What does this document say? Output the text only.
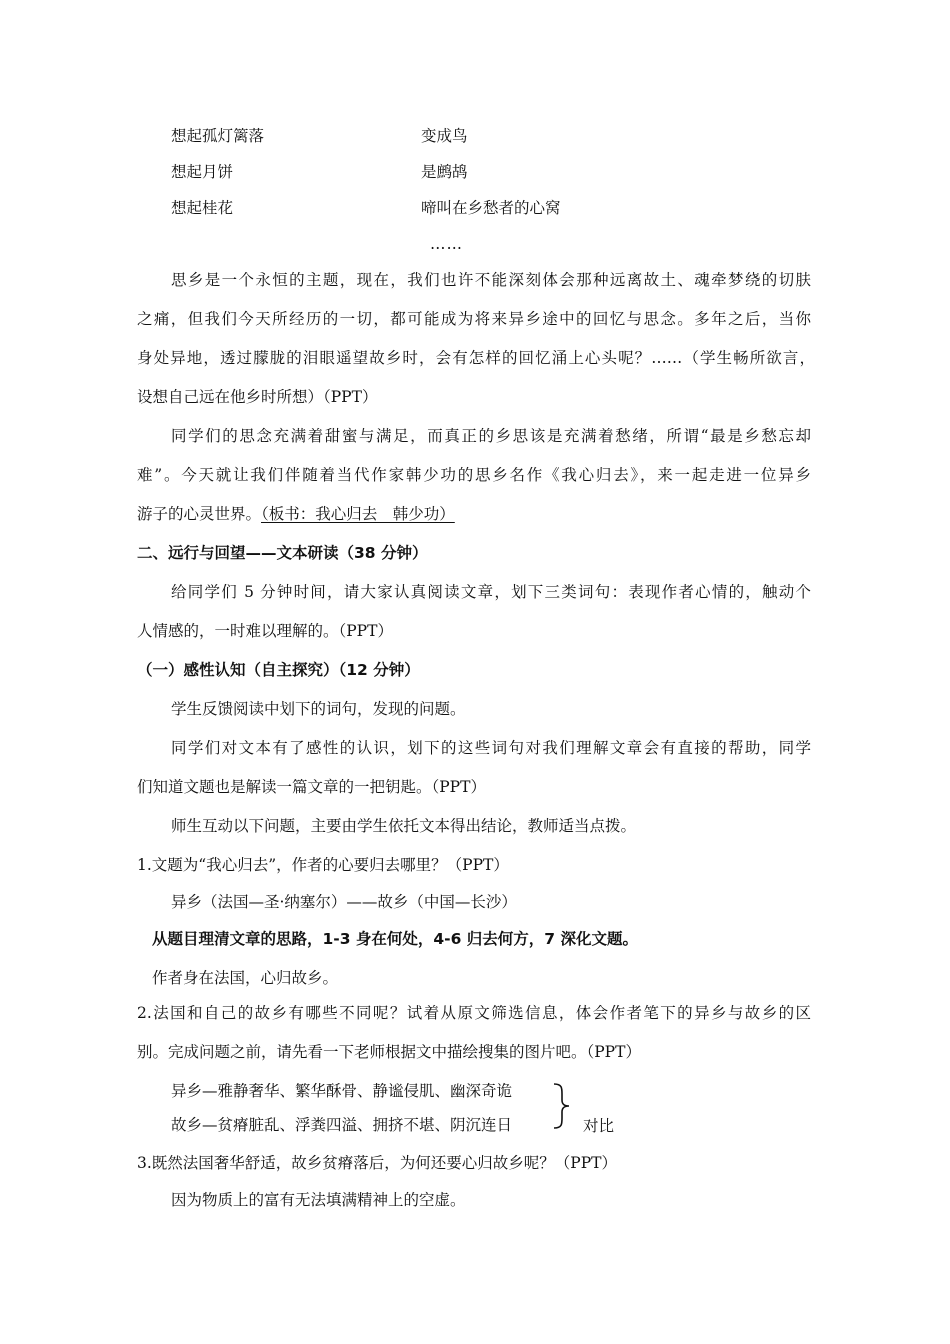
想起孤灯篱落	变成鸟
想起月饼	是鹧鸪
想起桂花	啼叫在乡愁者的心窝
……
思乡是一个永恒的主题，现在，我们也许不能深刻体会那种远离故土、魂牵梦绕的切肤
之痛，但我们今天所经历的一切，都可能成为将来异乡途中的回忆与思念。多年之后，当你
身处异地，透过朦胧的泪眼遥望故乡时，会有怎样的回忆涌上心头呢？……（学生畅所欲言，
设想自己远在他乡时所想）（PPT）
同学们的思念充满着甜蜜与满足，而真正的乡思该是充满着愁绪，所谓“最是乡愁忘却
难”。今天就让我们伴随着当代作家韩少功的思乡名作《我心归去》，来一起走进一位异乡
游子的心灵世界。（板书：我心归去　韩少功）
二、远行与回望——文本研读（38 分钟）
给同学们 5 分钟时间，请大家认真阅读文章，划下三类词句：表现作者心情的，触动个
人情感的，一时难以理解的。（PPT）
（一）感性认知（自主探究）（12 分钟）
学生反馈阅读中划下的词句，发现的问题。
同学们对文本有了感性的认识，划下的这些词句对我们理解文章会有直接的帮助，同学
们知道文题也是解读一篇文章的一把钥匙。（PPT）
师生互动以下问题，主要由学生依托文本得出结论，教师适当点拨。
1.文题为“我心归去”，作者的心要归去哪里？（PPT）
异乡（法国—圣·纳塞尔）——故乡（中国—长沙）
从题目理清文章的思路，1-3 身在何处，4-6 归去何方，7 深化文题。
作者身在法国，心归故乡。
2.法国和自己的故乡有哪些不同呢？试着从原文筛选信息，体会作者笔下的异乡与故乡的区
别。完成问题之前，请先看一下老师根据文中描绘搜集的图片吧。（PPT）
异乡—雅静奢华、繁华酥骨、静谧侵肌、幽深奇诡
故乡—贫瘠脏乱、浮粪四溢、拥挤不堪、阴沉连日	对比
3.既然法国奢华舒适，故乡贫瘠落后，为何还要心归故乡呢？（PPT）
因为物质上的富有无法填满精神上的空虚。
